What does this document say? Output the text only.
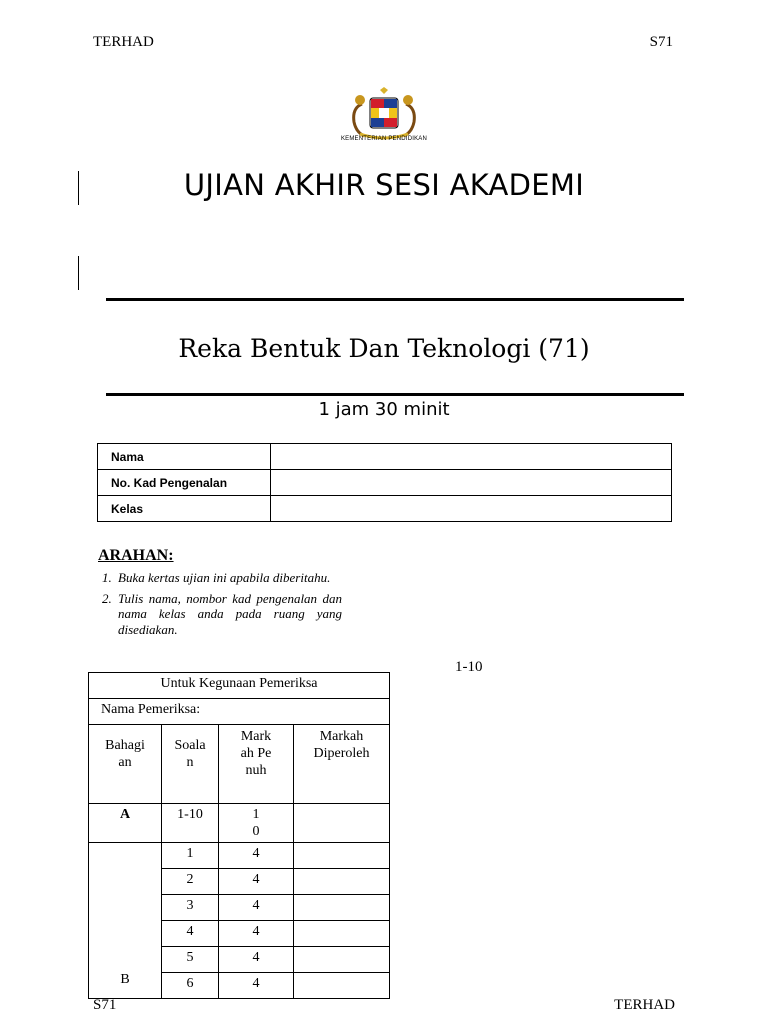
TERHAD	S71
KEMENTERIAN PENDIDIKAN
UJIAN AKHIR SESI AKADEMI
Reka Bentuk Dan Teknologi (71)
1 jam 30 minit
Nama	
No. Kad Pengenalan	
Kelas	
ARAHAN:
1. Buka kertas ujian ini apabila diberitahu.
2. Tulis nama, nombor kad pengenalan dan nama kelas anda pada ruang yang disediakan.
1-10
Untuk Kegunaan Pemeriksa			
Nama Pemeriksa:			
Bahagian	Soalan	Markah Penuh	Markah Diperoleh
A	1-10	10	
B	1	4	
	2	4	
	3	4	
	4	4	
	5	4	
	6	4	
S71	TERHAD
